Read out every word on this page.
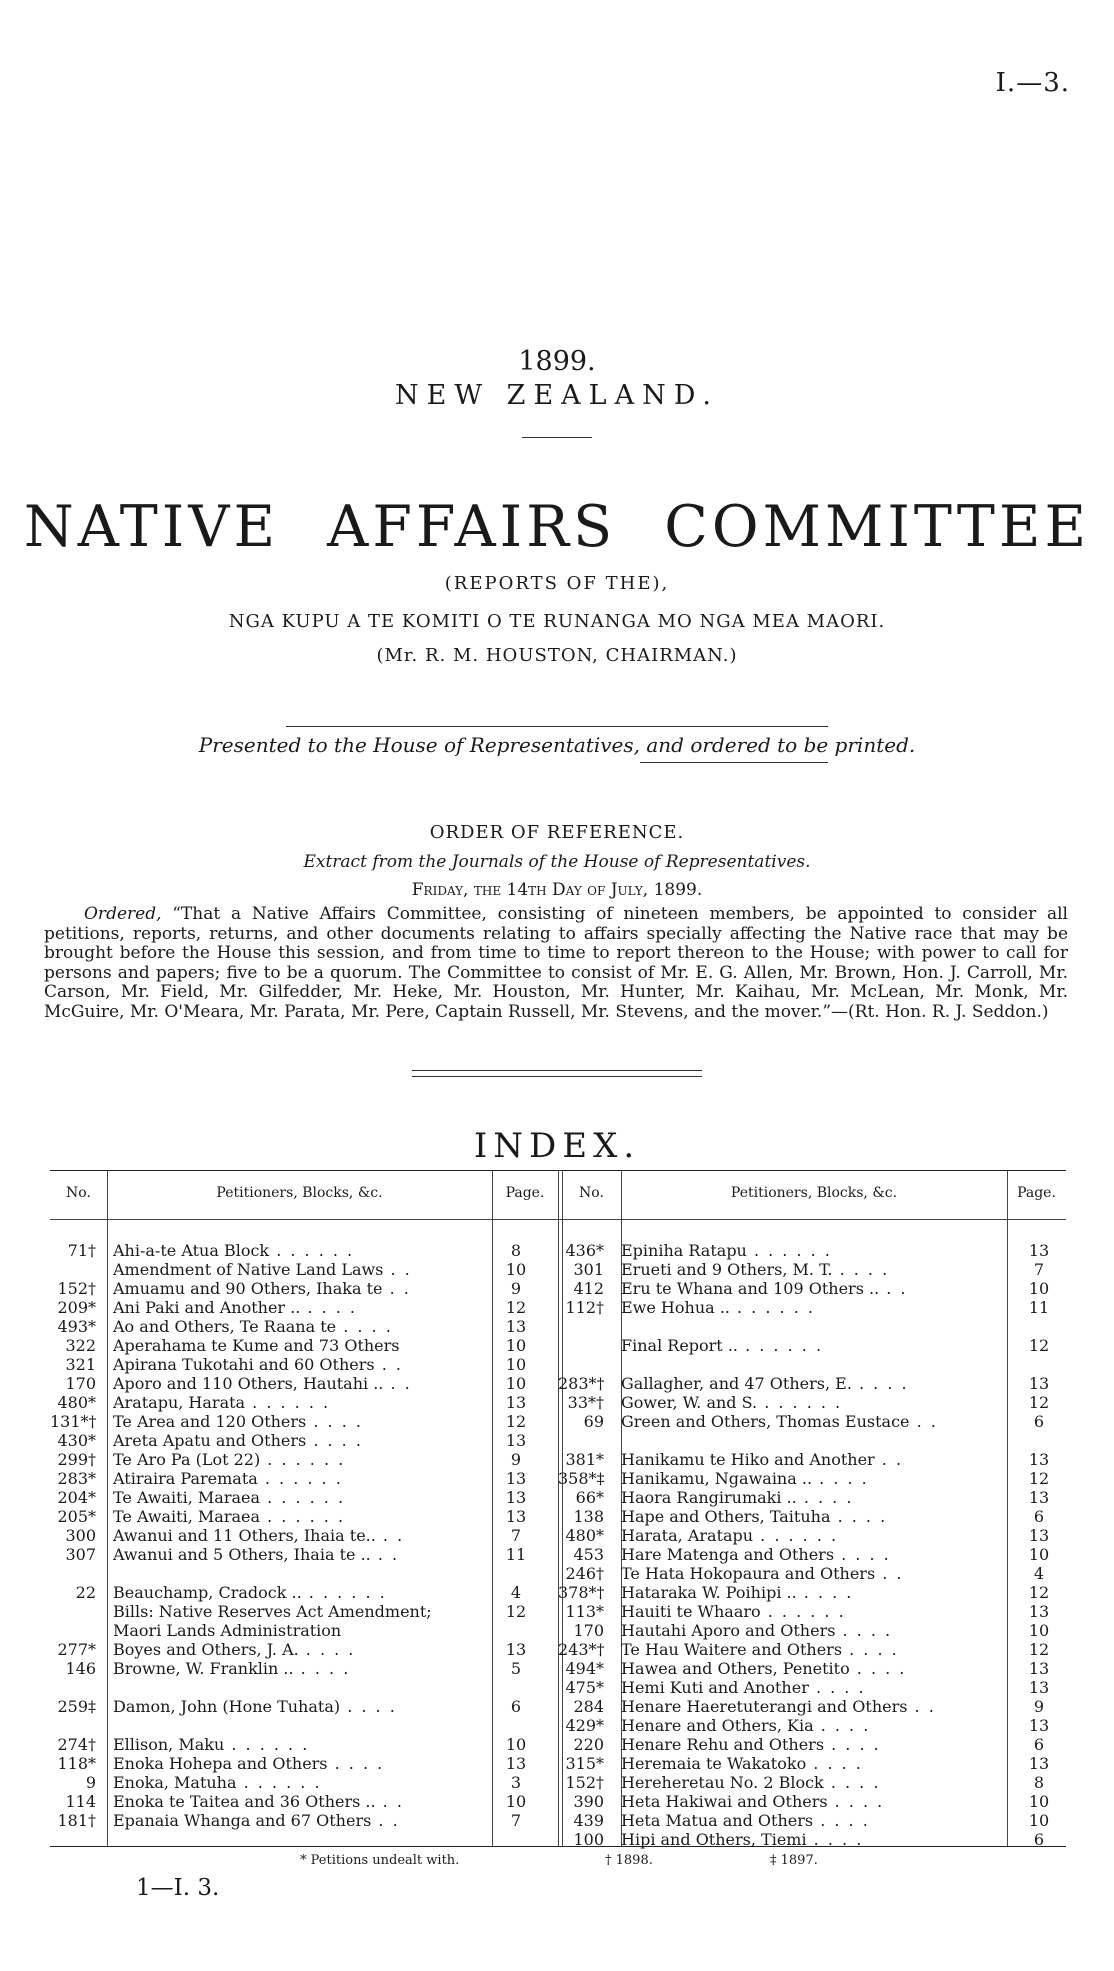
I.—3.
1899.
NEW ZEALAND.
NATIVE AFFAIRS COMMITTEE
(REPORTS OF THE),
NGA KUPU A TE KOMITI O TE RUNANGA MO NGA MEA MAORI.
(Mr. R. M. HOUSTON, CHAIRMAN.)
Presented to the House of Representatives, and ordered to be printed.
ORDER OF REFERENCE.
Extract from the Journals of the House of Representatives.
Friday, the 14th Day of July, 1899.
Ordered, “That a Native Affairs Committee, consisting of nineteen members, be appointed to consider all petitions, reports, returns, and other documents relating to affairs specially affecting the Native race that may be brought before the House this session, and from time to time to report thereon to the House; with power to call for persons and papers; five to be a quorum. The Committee to consist of Mr. E. G. Allen, Mr. Brown, Hon. J. Carroll, Mr. Carson, Mr. Field, Mr. Gilfedder, Mr. Heke, Mr. Houston, Mr. Hunter, Mr. Kaihau, Mr. McLean, Mr. Monk, Mr. McGuire, Mr. O'Meara, Mr. Parata, Mr. Pere, Captain Russell, Mr. Stevens, and the mover.”—(Rt. Hon. R. J. Seddon.)
INDEX.
No.	Petitioners, Blocks, &c.	Page.	No.	Petitioners, Blocks, &c.	Page.
71† Ahi-a-te Atua Block . . . . . .	8
Amendment of Native Land Laws . .	10
152† Amuamu and 90 Others, Ihaka te . .	9
209* Ani Paki and Another .. . . . .	12
493* Ao and Others, Te Raana te . . . .	13
322 Aperahama te Kume and 73 Others	10
321 Apirana Tukotahi and 60 Others . .	10
170 Aporo and 110 Others, Hautahi .. . .	10
480* Aratapu, Harata . . . . . .	13
131*† Te Area and 120 Others . . . .	12
430* Areta Apatu and Others . . . .	13
299† Te Aro Pa (Lot 22) . . . . . .	9
283* Atiraira Paremata . . . . . .	13
204* Te Awaiti, Maraea . . . . . .	13
205* Te Awaiti, Maraea . . . . . .	13
300 Awanui and 11 Others, Ihaia te.. . .	7
307 Awanui and 5 Others, Ihaia te .. . .	11
22 Beauchamp, Cradock .. . . . . . .	4
Bills: Native Reserves Act Amendment;	12
Maori Lands Administration
277* Boyes and Others, J. A. . . . .	13
146 Browne, W. Franklin .. . . . .	5
259‡ Damon, John (Hone Tuhata) . . . .	6
274† Ellison, Maku . . . . . .	10
118* Enoka Hohepa and Others . . . .	13
9 Enoka, Matuha . . . . . .	3
114 Enoka te Taitea and 36 Others .. . .	10
181† Epanaia Whanga and 67 Others . .	7
436* Epiniha Ratapu . . . . . .	13
301 Erueti and 9 Others, M. T. . . . .	7
412 Eru te Whana and 109 Others .. . .	10
112† Ewe Hohua .. . . . . . .	11
Final Report .. . . . . . .	12
283*† Gallagher, and 47 Others, E. . . . .	13
33*† Gower, W. and S. . . . . . .	12
69 Green and Others, Thomas Eustace . .	6
381* Hanikamu te Hiko and Another . .	13
358*‡ Hanikamu, Ngawaina .. . . . .	12
66* Haora Rangirumaki .. . . . .	13
138 Hape and Others, Taituha . . . .	6
480* Harata, Aratapu . . . . . .	13
453 Hare Matenga and Others . . . .	10
246† Te Hata Hokopaura and Others . .	4
378*† Hataraka W. Poihipi .. . . . .	12
113* Hauiti te Whaaro . . . . . .	13
170 Hautahi Aporo and Others . . . .	10
243*† Te Hau Waitere and Others . . . .	12
494* Hawea and Others, Penetito . . . .	13
475* Hemi Kuti and Another . . . .	13
284 Henare Haeretuterangi and Others . .	9
429* Henare and Others, Kia . . . .	13
220 Henare Rehu and Others . . . .	6
315* Heremaia te Wakatoko . . . .	13
152† Hereheretau No. 2 Block . . . .	8
390 Heta Hakiwai and Others . . . .	10
439 Heta Matua and Others . . . .	10
100 Hipi and Others, Tiemi . . . .	6
* Petitions undealt with.	† 1898.	‡ 1897.
1—I. 3.
